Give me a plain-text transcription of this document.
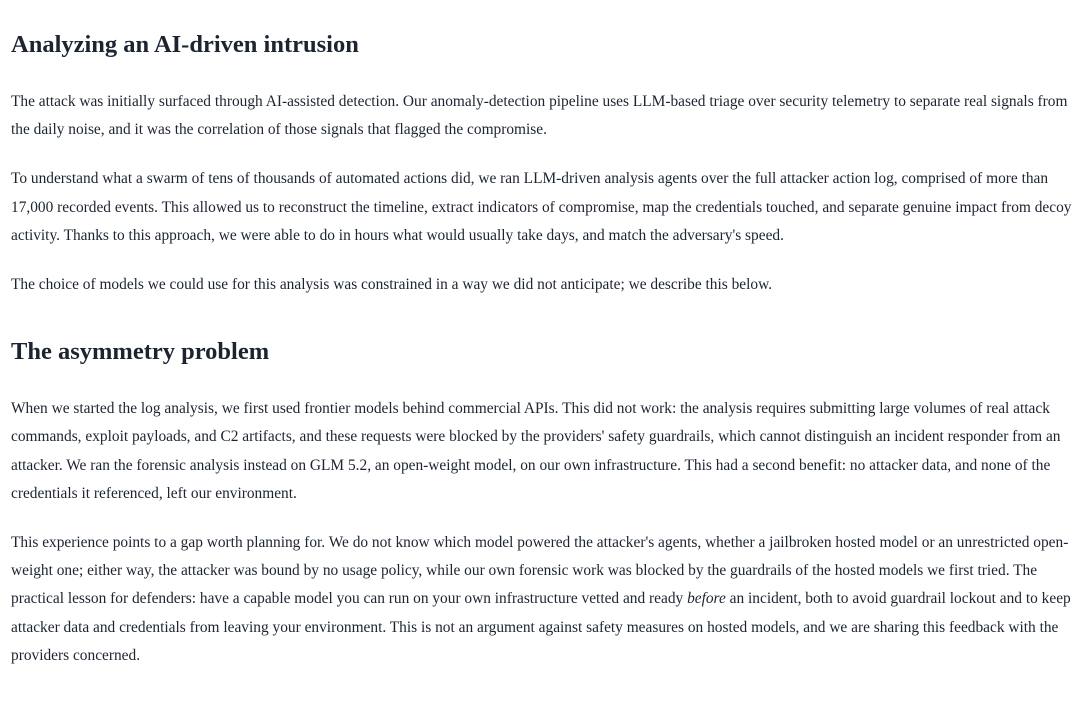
Analyzing an AI-driven intrusion

The attack was initially surfaced through AI-assisted detection. Our anomaly-detection pipeline uses LLM-based triage over security telemetry to separate real signals from the daily noise, and it was the correlation of those signals that flagged the compromise.

To understand what a swarm of tens of thousands of automated actions did, we ran LLM-driven analysis agents over the full attacker action log, comprised of more than 17,000 recorded events. This allowed us to reconstruct the timeline, extract indicators of compromise, map the credentials touched, and separate genuine impact from decoy activity. Thanks to this approach, we were able to do in hours what would usually take days, and match the adversary's speed.

The choice of models we could use for this analysis was constrained in a way we did not anticipate; we describe this below.

The asymmetry problem

When we started the log analysis, we first used frontier models behind commercial APIs. This did not work: the analysis requires submitting large volumes of real attack commands, exploit payloads, and C2 artifacts, and these requests were blocked by the providers' safety guardrails, which cannot distinguish an incident responder from an attacker. We ran the forensic analysis instead on GLM 5.2, an open-weight model, on our own infrastructure. This had a second benefit: no attacker data, and none of the credentials it referenced, left our environment.

This experience points to a gap worth planning for. We do not know which model powered the attacker's agents, whether a jailbroken hosted model or an unrestricted open-weight one; either way, the attacker was bound by no usage policy, while our own forensic work was blocked by the guardrails of the hosted models we first tried. The practical lesson for defenders: have a capable model you can run on your own infrastructure vetted and ready before an incident, both to avoid guardrail lockout and to keep attacker data and credentials from leaving your environment. This is not an argument against safety measures on hosted models, and we are sharing this feedback with the providers concerned.
